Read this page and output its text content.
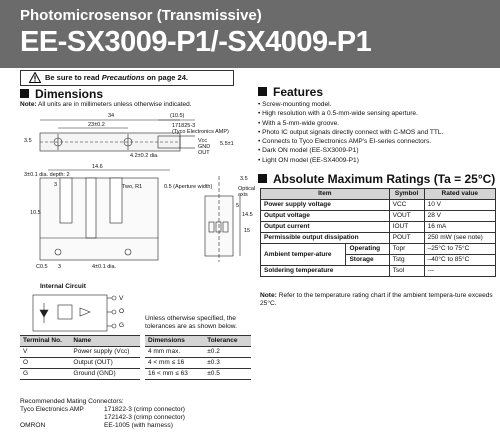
Photomicrosensor (Transmissive)
EE-SX3009-P1/-SX4009-P1
Be sure to read Precautions on page 24.
Dimensions
Note: All units are in millimeters unless otherwise indicated.
34	(10.5)
23±0.2	171825-3
(Tyco Electronics AMP)
3.5
4.2±0.2 dia.
Vcc
GND
OUT
5.5±1
3±0.1 dia. depth: 2
3
14.6
Two, R1	0.5 (Aperture width)	Optical
axis
3.5
10.5
5
14.5
15
C0.5 3	4±0.1 dia.
Internal Circuit
V
O
G
Terminal No.	Name
V	Power supply (Vcc)
O	Output (OUT)
G	Ground (GND)
Unless otherwise specified, the tolerances are as shown below.
Dimensions	Tolerance
4 mm max.	±0.2
4 < mm ≤ 16	±0.3
16 < mm ≤ 63	±0.5
Recommended Mating Connectors:
Tyco Electronics AMP	171822-3 (crimp connector)
172142-3 (crimp connector)
OMRON	EE-1005 (with harness)
Features
• Screw-mounting model.
• High resolution with a 0.5-mm-wide sensing aperture.
• With a 5-mm-wide groove.
• Photo IC output signals directly connect with C-MOS and TTL.
• Connects to Tyco Electronics AMP's EI-series connectors.
• Dark ON model (EE-SX3009-P1)
• Light ON model (EE-SX4009-P1)
Absolute Maximum Ratings (Ta = 25°C)
Item		Symbol	Rated value
Power supply voltage		VCC	10 V
Output voltage		VOUT	28 V
Output current		IOUT	16 mA
Permissible output dissipation		POUT	250 mW (see note)
Ambient temper-ature	Operating	Topr	–25°C to 75°C
	Storage	Tstg	–40°C to 85°C
Soldering temperature		Tsol	---
Note: Refer to the temperature rating chart if the ambient tempera-ture exceeds 25°C.
